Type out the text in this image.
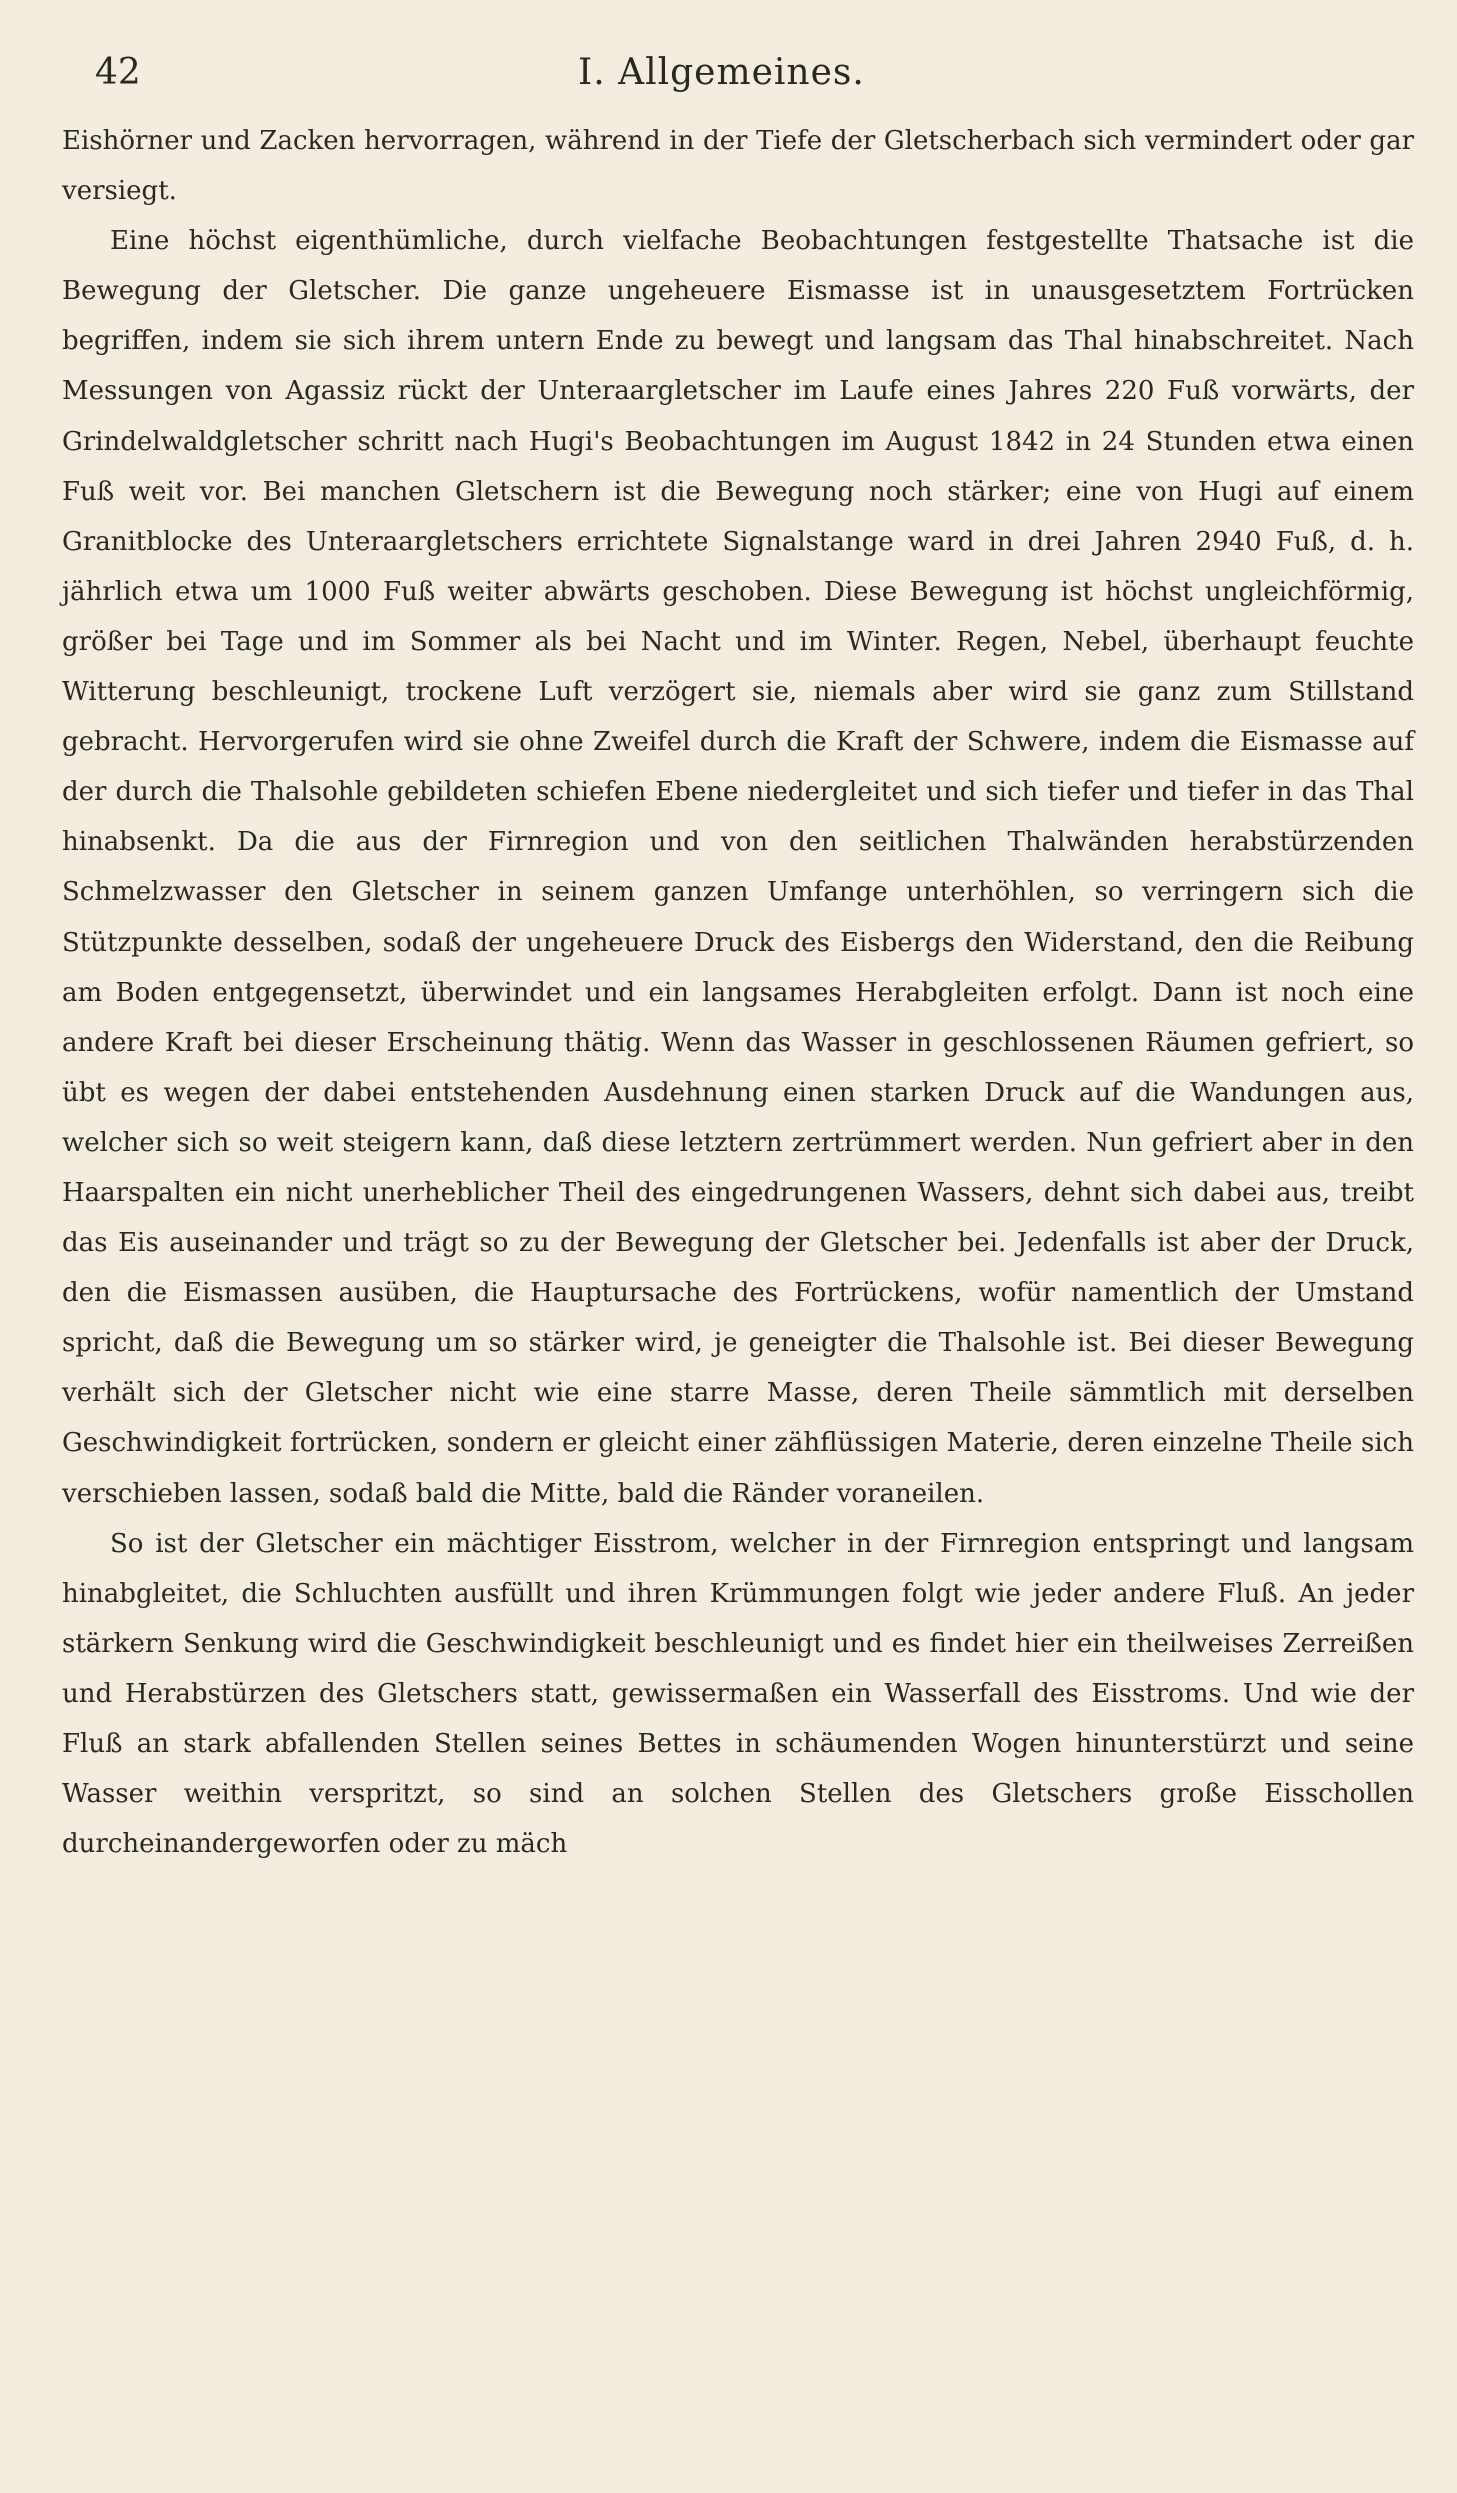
42	I. Allgemeines.

Eishörner und Zacken hervorragen, während in der Tiefe der Gletscherbach sich vermindert oder gar versiegt.

Eine höchst eigenthümliche, durch vielfache Beobachtungen festgestellte Thatsache ist die Bewegung der Gletscher. Die ganze ungeheuere Eismasse ist in unausgesetztem Fortrücken begriffen, indem sie sich ihrem untern Ende zu bewegt und langsam das Thal hinabschreitet. Nach Messungen von Agassiz rückt der Unteraargletscher im Laufe eines Jahres 220 Fuß vorwärts, der Grindelwaldgletscher schritt nach Hugi's Beobachtungen im August 1842 in 24 Stunden etwa einen Fuß weit vor. Bei manchen Gletschern ist die Bewegung noch stärker; eine von Hugi auf einem Granitblocke des Unteraargletschers errichtete Signalstange ward in drei Jahren 2940 Fuß, d. h. jährlich etwa um 1000 Fuß weiter abwärts geschoben. Diese Bewegung ist höchst ungleichförmig, größer bei Tage und im Sommer als bei Nacht und im Winter. Regen, Nebel, überhaupt feuchte Witterung beschleunigt, trockene Luft verzögert sie, niemals aber wird sie ganz zum Stillstand gebracht. Hervorgerufen wird sie ohne Zweifel durch die Kraft der Schwere, indem die Eismasse auf der durch die Thalsohle gebildeten schiefen Ebene niedergleitet und sich tiefer und tiefer in das Thal hinabsenkt. Da die aus der Firnregion und von den seitlichen Thalwänden herabstürzenden Schmelzwasser den Gletscher in seinem ganzen Umfange unterhöhlen, so verringern sich die Stützpunkte desselben, sodaß der ungeheuere Druck des Eisbergs den Widerstand, den die Reibung am Boden entgegensetzt, überwindet und ein langsames Herabgleiten erfolgt. Dann ist noch eine andere Kraft bei dieser Erscheinung thätig. Wenn das Wasser in geschlossenen Räumen gefriert, so übt es wegen der dabei entstehenden Ausdehnung einen starken Druck auf die Wandungen aus, welcher sich so weit steigern kann, daß diese letztern zertrümmert werden. Nun gefriert aber in den Haarspalten ein nicht unerheblicher Theil des eingedrungenen Wassers, dehnt sich dabei aus, treibt das Eis auseinander und trägt so zu der Bewegung der Gletscher bei. Jedenfalls ist aber der Druck, den die Eismassen ausüben, die Hauptursache des Fortrückens, wofür namentlich der Umstand spricht, daß die Bewegung um so stärker wird, je geneigter die Thalsohle ist. Bei dieser Bewegung verhält sich der Gletscher nicht wie eine starre Masse, deren Theile sämmtlich mit derselben Geschwindigkeit fortrücken, sondern er gleicht einer zähflüssigen Materie, deren einzelne Theile sich verschieben lassen, sodaß bald die Mitte, bald die Ränder voraneilen.

So ist der Gletscher ein mächtiger Eisstrom, welcher in der Firnregion entspringt und langsam hinabgleitet, die Schluchten ausfüllt und ihren Krümmungen folgt wie jeder andere Fluß. An jeder stärkern Senkung wird die Geschwindigkeit beschleunigt und es findet hier ein theilweises Zerreißen und Herabstürzen des Gletschers statt, gewissermaßen ein Wasserfall des Eisstroms. Und wie der Fluß an stark abfallenden Stellen seines Bettes in schäumenden Wogen hinunterstürzt und seine Wasser weithin verspritzt, so sind an solchen Stellen des Gletschers große Eisschollen durcheinandergeworfen oder zu mäch
